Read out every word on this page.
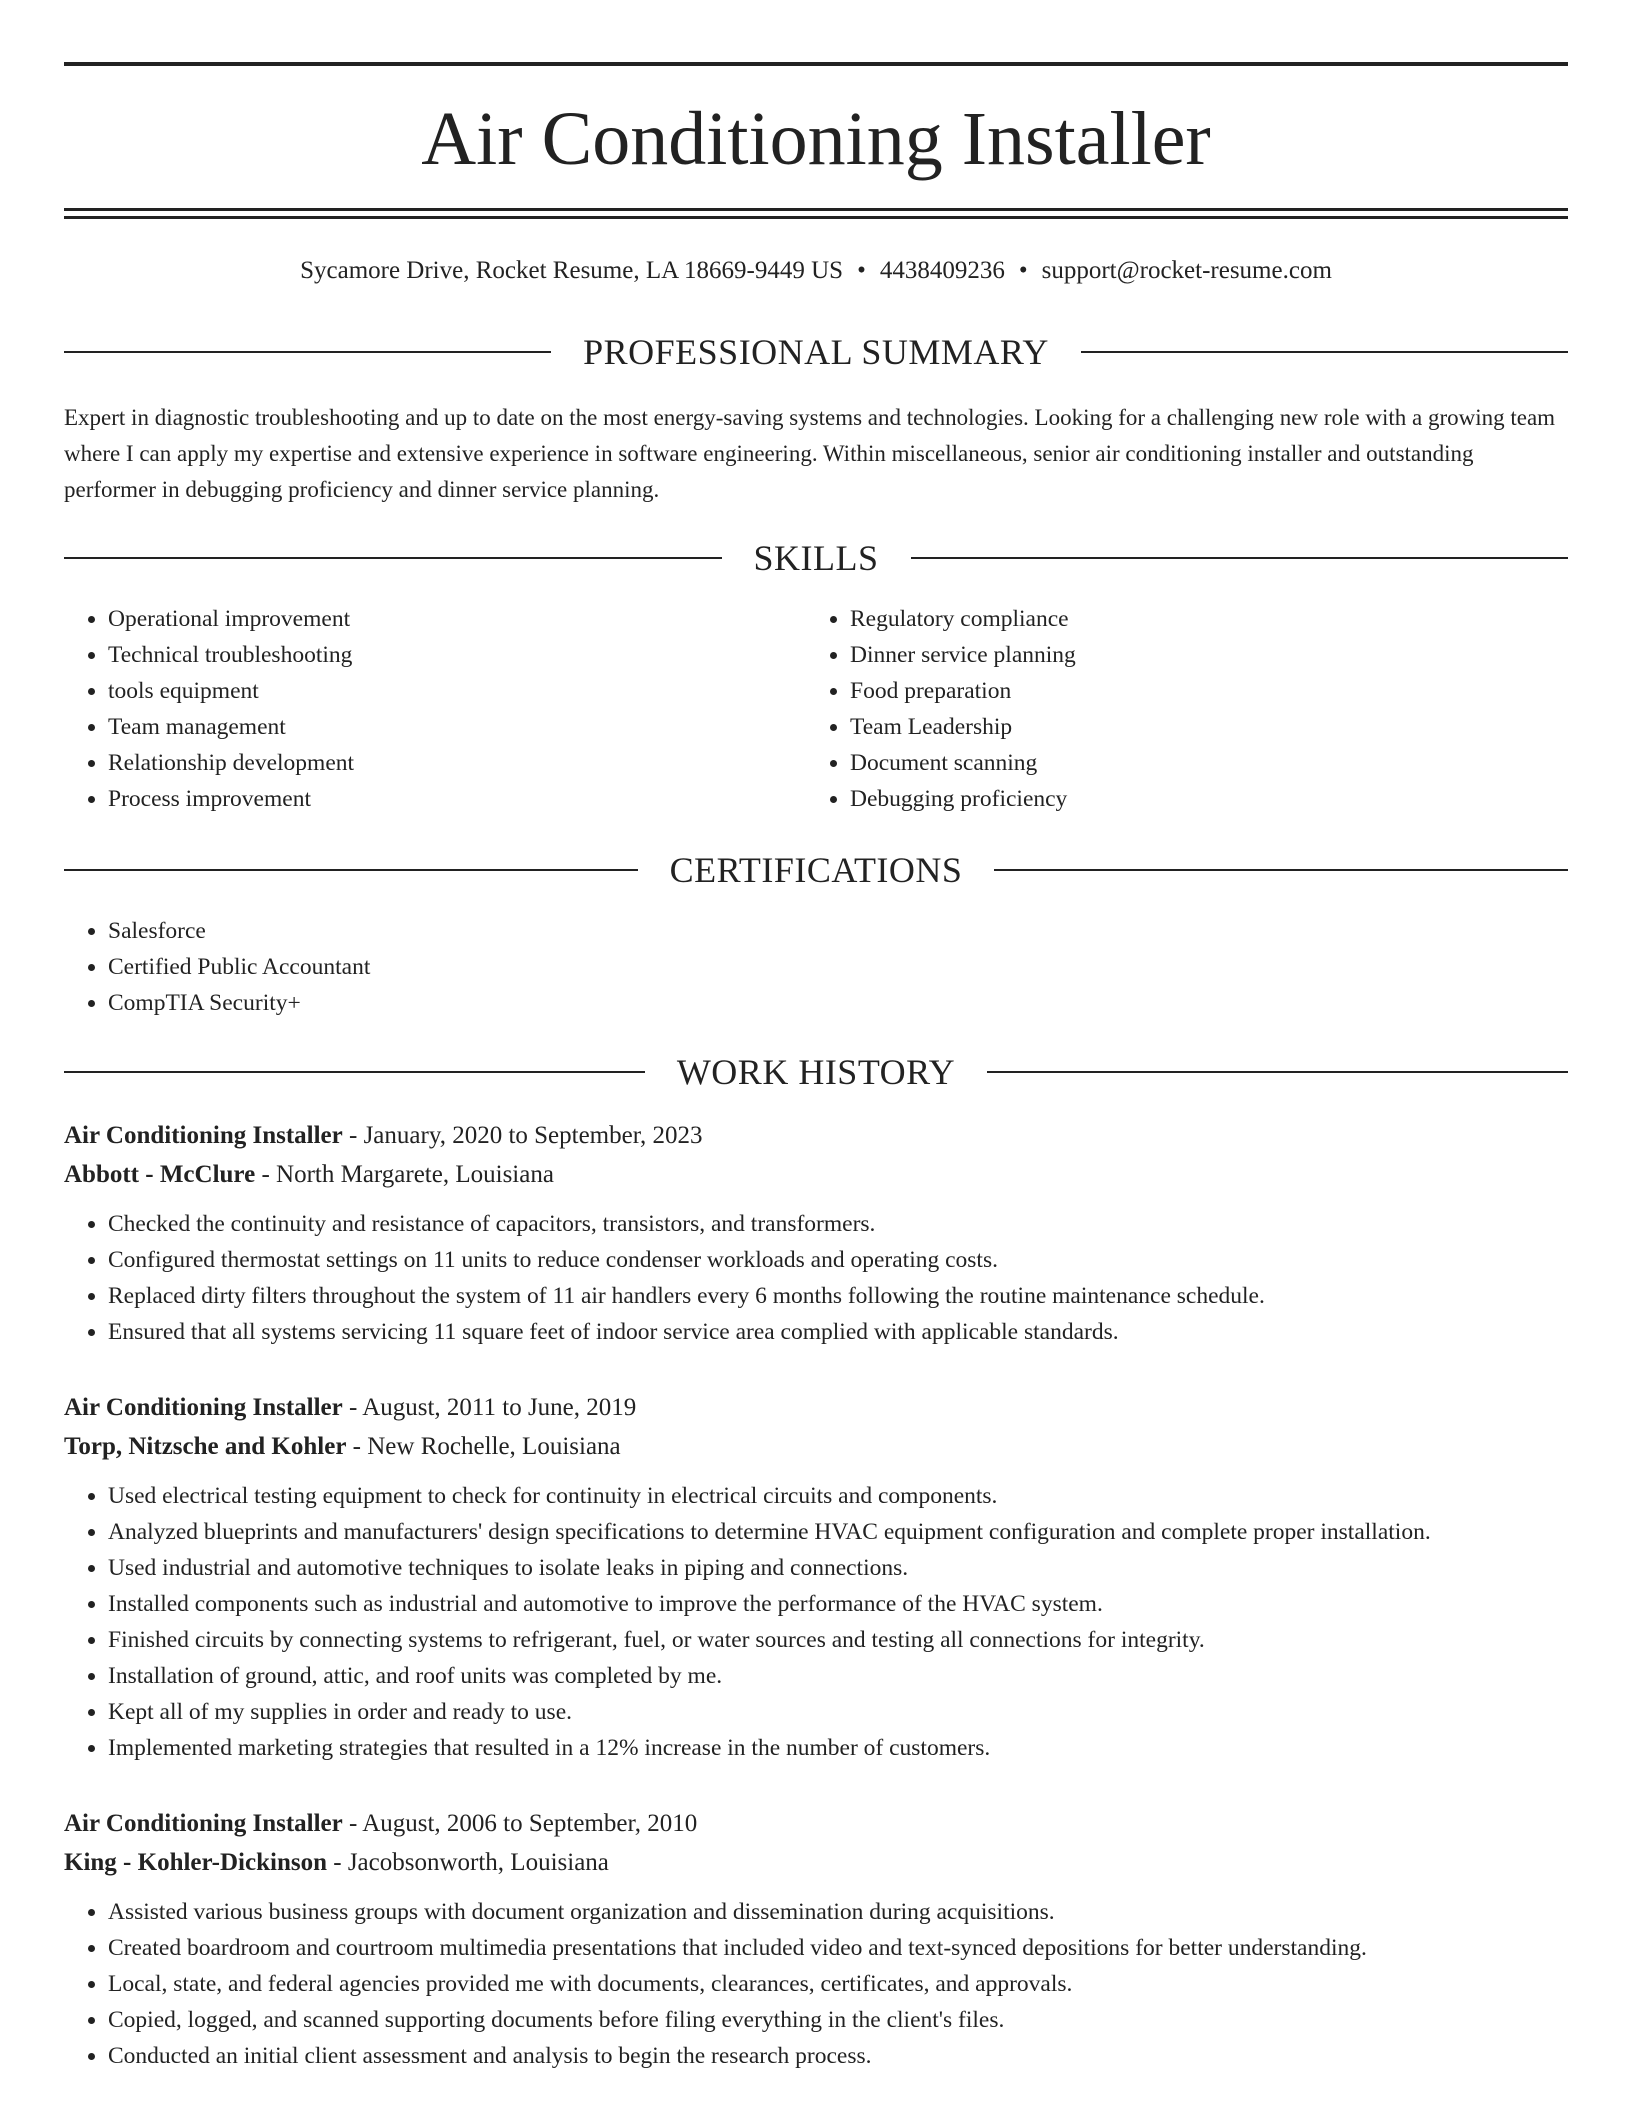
Air Conditioning Installer
Sycamore Drive, Rocket Resume, LA 18669-9449 US • 4438409236 • support@rocket-resume.com
PROFESSIONAL SUMMARY

Expert in diagnostic troubleshooting and up to date on the most energy-saving systems and technologies. Looking for a challenging new role with a growing team where I can apply my expertise and extensive experience in software engineering. Within miscellaneous, senior air conditioning installer and outstanding performer in debugging proficiency and dinner service planning.

SKILLS
• Operational improvement
• Technical troubleshooting
• tools equipment
• Team management
• Relationship development
• Process improvement
• Regulatory compliance
• Dinner service planning
• Food preparation
• Team Leadership
• Document scanning
• Debugging proficiency
CERTIFICATIONS
• Salesforce
• Certified Public Accountant
• CompTIA Security+
WORK HISTORY
Air Conditioning Installer - January, 2020 to September, 2023
Abbott - McClure - North Margarete, Louisiana
• Checked the continuity and resistance of capacitors, transistors, and transformers.
• Configured thermostat settings on 11 units to reduce condenser workloads and operating costs.
• Replaced dirty filters throughout the system of 11 air handlers every 6 months following the routine maintenance schedule.
• Ensured that all systems servicing 11 square feet of indoor service area complied with applicable standards.
Air Conditioning Installer - August, 2011 to June, 2019
Torp, Nitzsche and Kohler - New Rochelle, Louisiana
• Used electrical testing equipment to check for continuity in electrical circuits and components.
• Analyzed blueprints and manufacturers' design specifications to determine HVAC equipment configuration and complete proper installation.
• Used industrial and automotive techniques to isolate leaks in piping and connections.
• Installed components such as industrial and automotive to improve the performance of the HVAC system.
• Finished circuits by connecting systems to refrigerant, fuel, or water sources and testing all connections for integrity.
• Installation of ground, attic, and roof units was completed by me.
• Kept all of my supplies in order and ready to use.
• Implemented marketing strategies that resulted in a 12% increase in the number of customers.
Air Conditioning Installer - August, 2006 to September, 2010
King - Kohler-Dickinson - Jacobsonworth, Louisiana
• Assisted various business groups with document organization and dissemination during acquisitions.
• Created boardroom and courtroom multimedia presentations that included video and text-synced depositions for better understanding.
• Local, state, and federal agencies provided me with documents, clearances, certificates, and approvals.
• Copied, logged, and scanned supporting documents before filing everything in the client's files.
• Conducted an initial client assessment and analysis to begin the research process.
